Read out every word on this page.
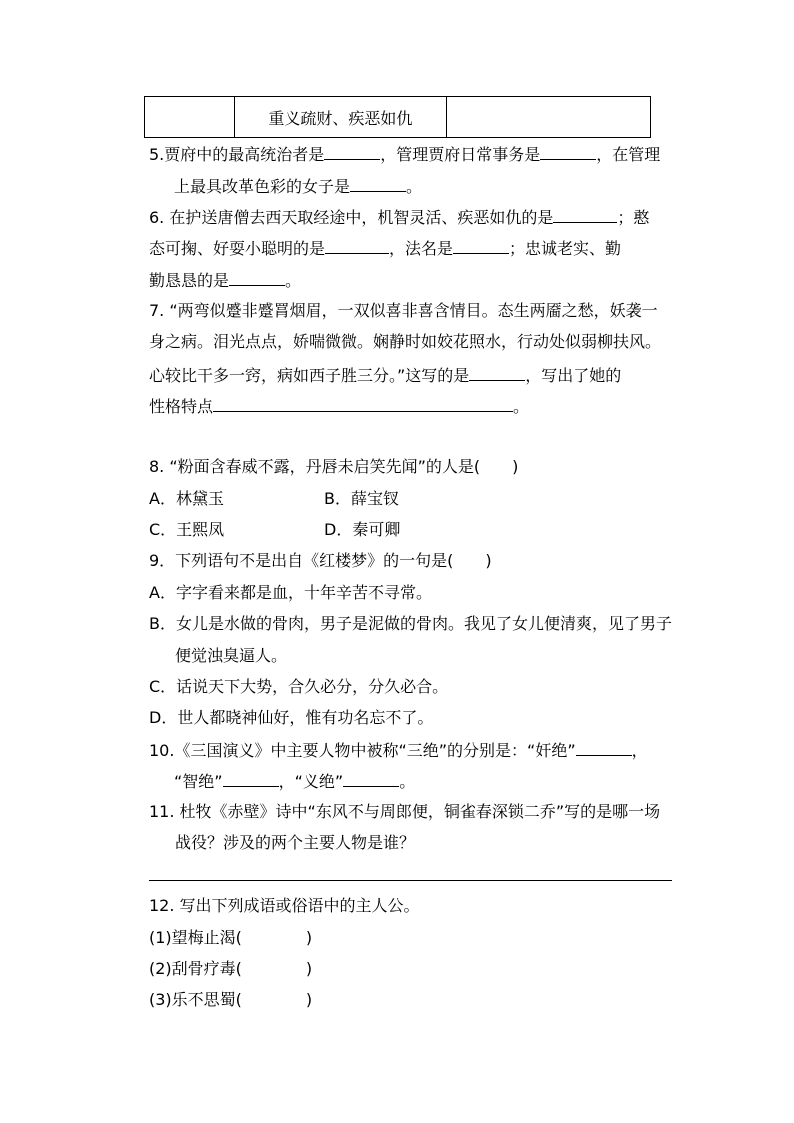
	重义疏财、疾恶如仇	
5.贾府中的最高统治者是	，管理贾府日常事务是	，在管理
上最具改革色彩的女子是	。
6. 在护送唐僧去西天取经途中，机智灵活、疾恶如仇的是	；憨
态可掬、好耍小聪明的是	，法名是	；忠诚老实、勤
勤恳恳的是	。
7. “两弯似蹙非蹙罥烟眉，一双似喜非喜含情目。态生两靥之愁，妖袭一
身之病。泪光点点，娇喘微微。娴静时如姣花照水，行动处似弱柳扶风。
心较比干多一窍，病如西子胜三分。”这写的是	，写出了她的
性格特点	。
8. “粉面含春威不露，丹唇未启笑先闻”的人是(　　)
A．林黛玉	B．薛宝钗
C．王熙凤	D．秦可卿
9．下列语句不是出自《红楼梦》的一句是(　　)
A．字字看来都是血，十年辛苦不寻常。
B．女儿是水做的骨肉，男子是泥做的骨肉。我见了女儿便清爽，见了男子
便觉浊臭逼人。
C．话说天下大势，合久必分，分久必合。
D．世人都晓神仙好，惟有功名忘不了。
10.《三国演义》中主要人物中被称“三绝”的分别是：“奸绝”	，
“智绝”	，“义绝”	。
11. 杜牧《赤壁》诗中“东风不与周郎便，铜雀春深锁二乔”写的是哪一场
战役？涉及的两个主要人物是谁？
12. 写出下列成语或俗语中的主人公。
(1)望梅止渴(　　　　)
(2)刮骨疗毒(　　　　)
(3)乐不思蜀(　　　　)
